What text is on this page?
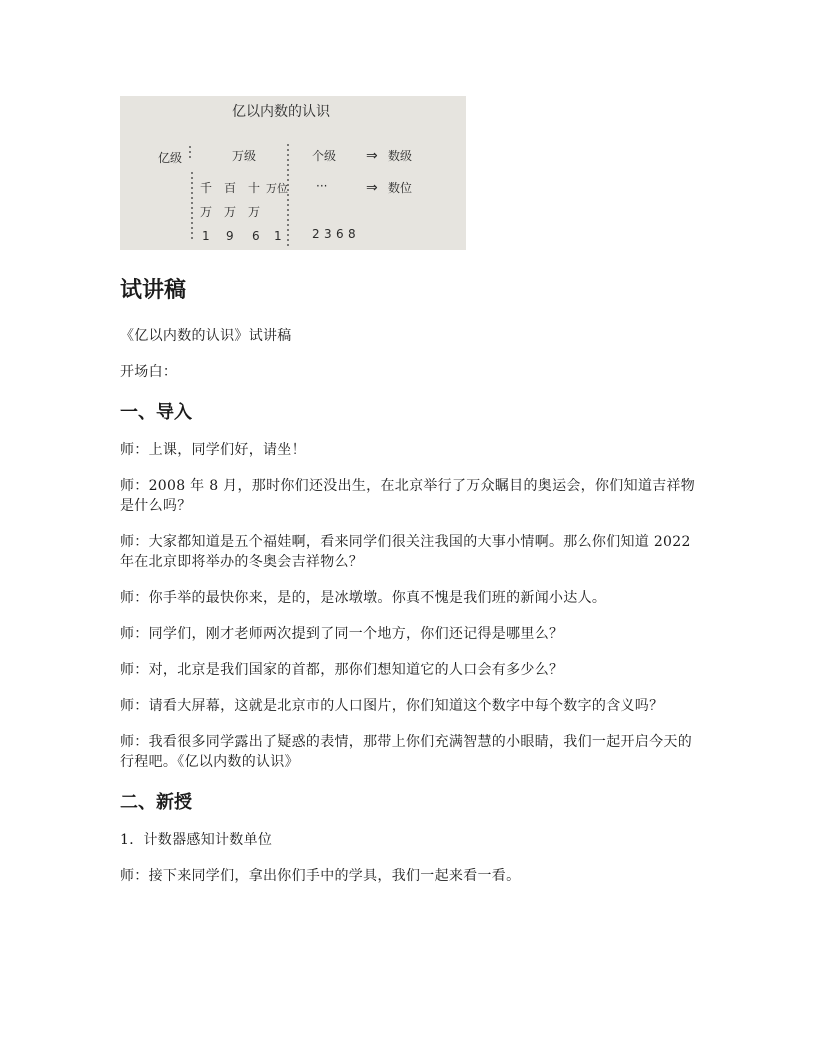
亿以内数的认识
亿级	万级	个级 ⇒ 数级
千 百 十 万位 ···	⇒ 数位
万 万 万
1 9 6 1	2 3 6 8
试讲稿

《亿以内数的认识》试讲稿

开场白：

一、导入

师：上课，同学们好，请坐！

师：2008 年 8 月，那时你们还没出生，在北京举行了万众瞩目的奥运会，你们知道吉祥物是什么吗？

师：大家都知道是五个福娃啊，看来同学们很关注我国的大事小情啊。那么你们知道 2022 年在北京即将举办的冬奥会吉祥物么？

师：你手举的最快你来，是的，是冰墩墩。你真不愧是我们班的新闻小达人。

师：同学们，刚才老师两次提到了同一个地方，你们还记得是哪里么？

师：对，北京是我们国家的首都，那你们想知道它的人口会有多少么？

师：请看大屏幕，这就是北京市的人口图片，你们知道这个数字中每个数字的含义吗？

师：我看很多同学露出了疑惑的表情，那带上你们充满智慧的小眼睛，我们一起开启今天的行程吧。《亿以内数的认识》

二、新授

1．计数器感知计数单位

师：接下来同学们，拿出你们手中的学具，我们一起来看一看。
